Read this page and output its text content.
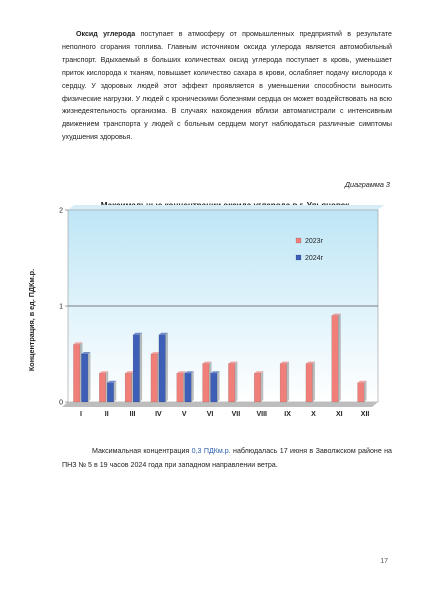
Оксид углерода поступает в атмосферу от промышленных предприятий в результате неполного сгорания топлива. Главным источником оксида углерода является автомобильный транспорт. Вдыхаемый в больших количествах оксид углерода поступает в кровь, уменьшает приток кислорода к тканям, повышает количество сахара в крови, ослабляет подачу кислорода к сердцу. У здоровых людей этот эффект проявляется в уменьшении способности выносить физические нагрузки. У людей с хроническими болезнями сердца он может воздействовать на всю жизнедеятельность организма. В случаях нахождения вблизи автомагистрали с интенсивным движением транспорта у людей с больным сердцем могут наблюдаться различные симптомы ухудшения здоровья.

Диаграмма 3
Концентрация, в ед. ПДКм.р.
0
1
2
I	II	III	IV	V	VI	VII VIII IX	X	XI	XII
2023г
2024г

Максимальная концентрация 0,3 ПДКм.р. наблюдалась 17 июня в Заволжском районе на ПНЗ № 5 в 19 часов 2024 года при западном направлении ветра.

17
